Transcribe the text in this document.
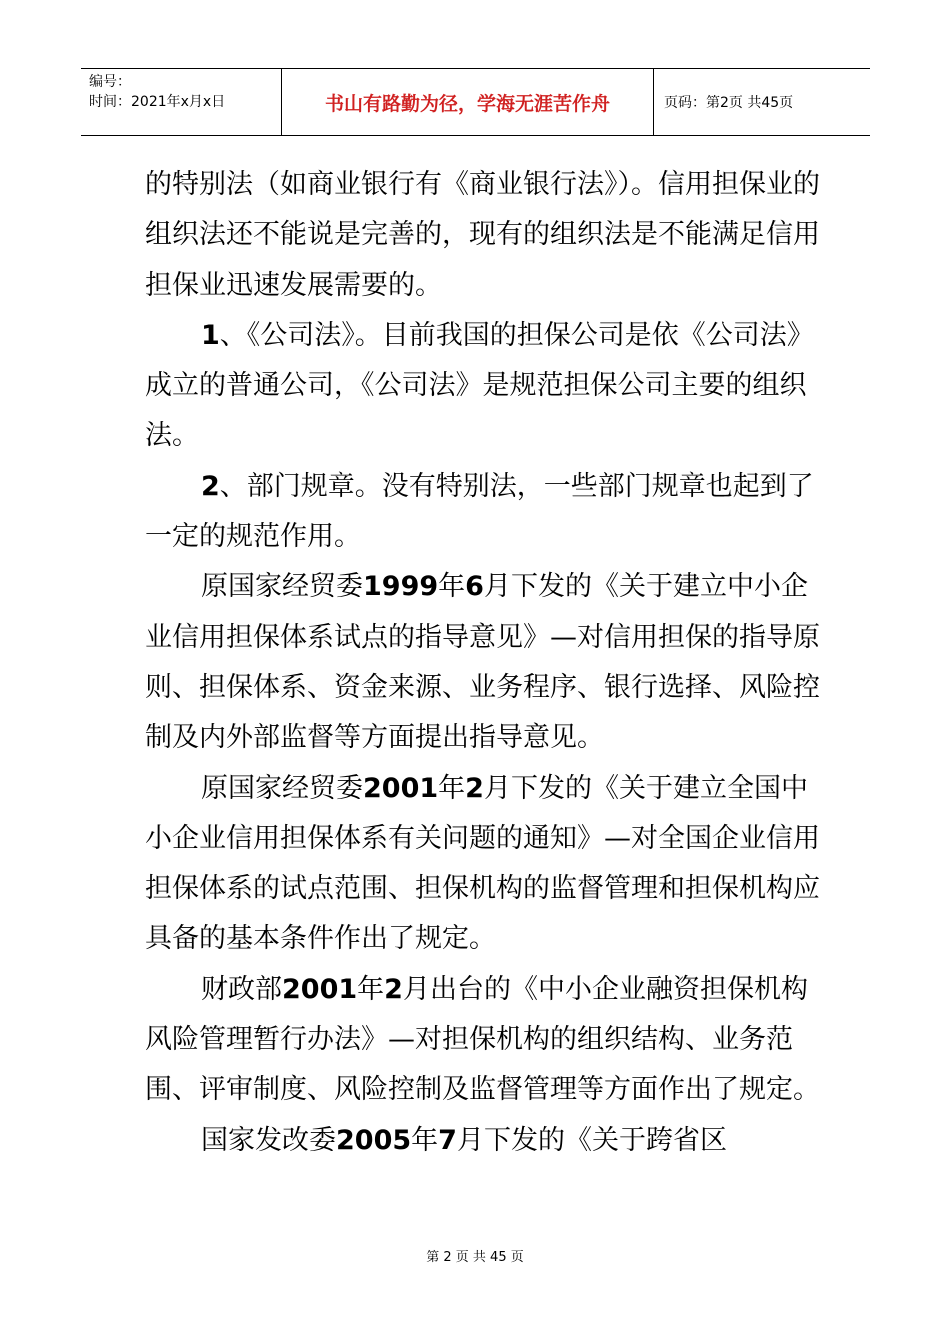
编号：
时间：2021年x月x日	书山有路勤为径，学海无涯苦作舟	页码：第2页 共45页

的特别法（如商业银行有《商业银行法》）。信用担保业的组织法还不能说是完善的，现有的组织法是不能满足信用担保业迅速发展需要的。

1、《公司法》。目前我国的担保公司是依《公司法》成立的普通公司，《公司法》是规范担保公司主要的组织法。

2、部门规章。没有特别法，一些部门规章也起到了一定的规范作用。

原国家经贸委1999年6月下发的《关于建立中小企业信用担保体系试点的指导意见》—对信用担保的指导原则、担保体系、资金来源、业务程序、银行选择、风险控制及内外部监督等方面提出指导意见。

原国家经贸委2001年2月下发的《关于建立全国中小企业信用担保体系有关问题的通知》—对全国企业信用担保体系的试点范围、担保机构的监督管理和担保机构应具备的基本条件作出了规定。

财政部2001年2月出台的《中小企业融资担保机构风险管理暂行办法》—对担保机构的组织结构、业务范围、评审制度、风险控制及监督管理等方面作出了规定。

国家发改委2005年7月下发的《关于跨省区

第 2 页 共 45 页
